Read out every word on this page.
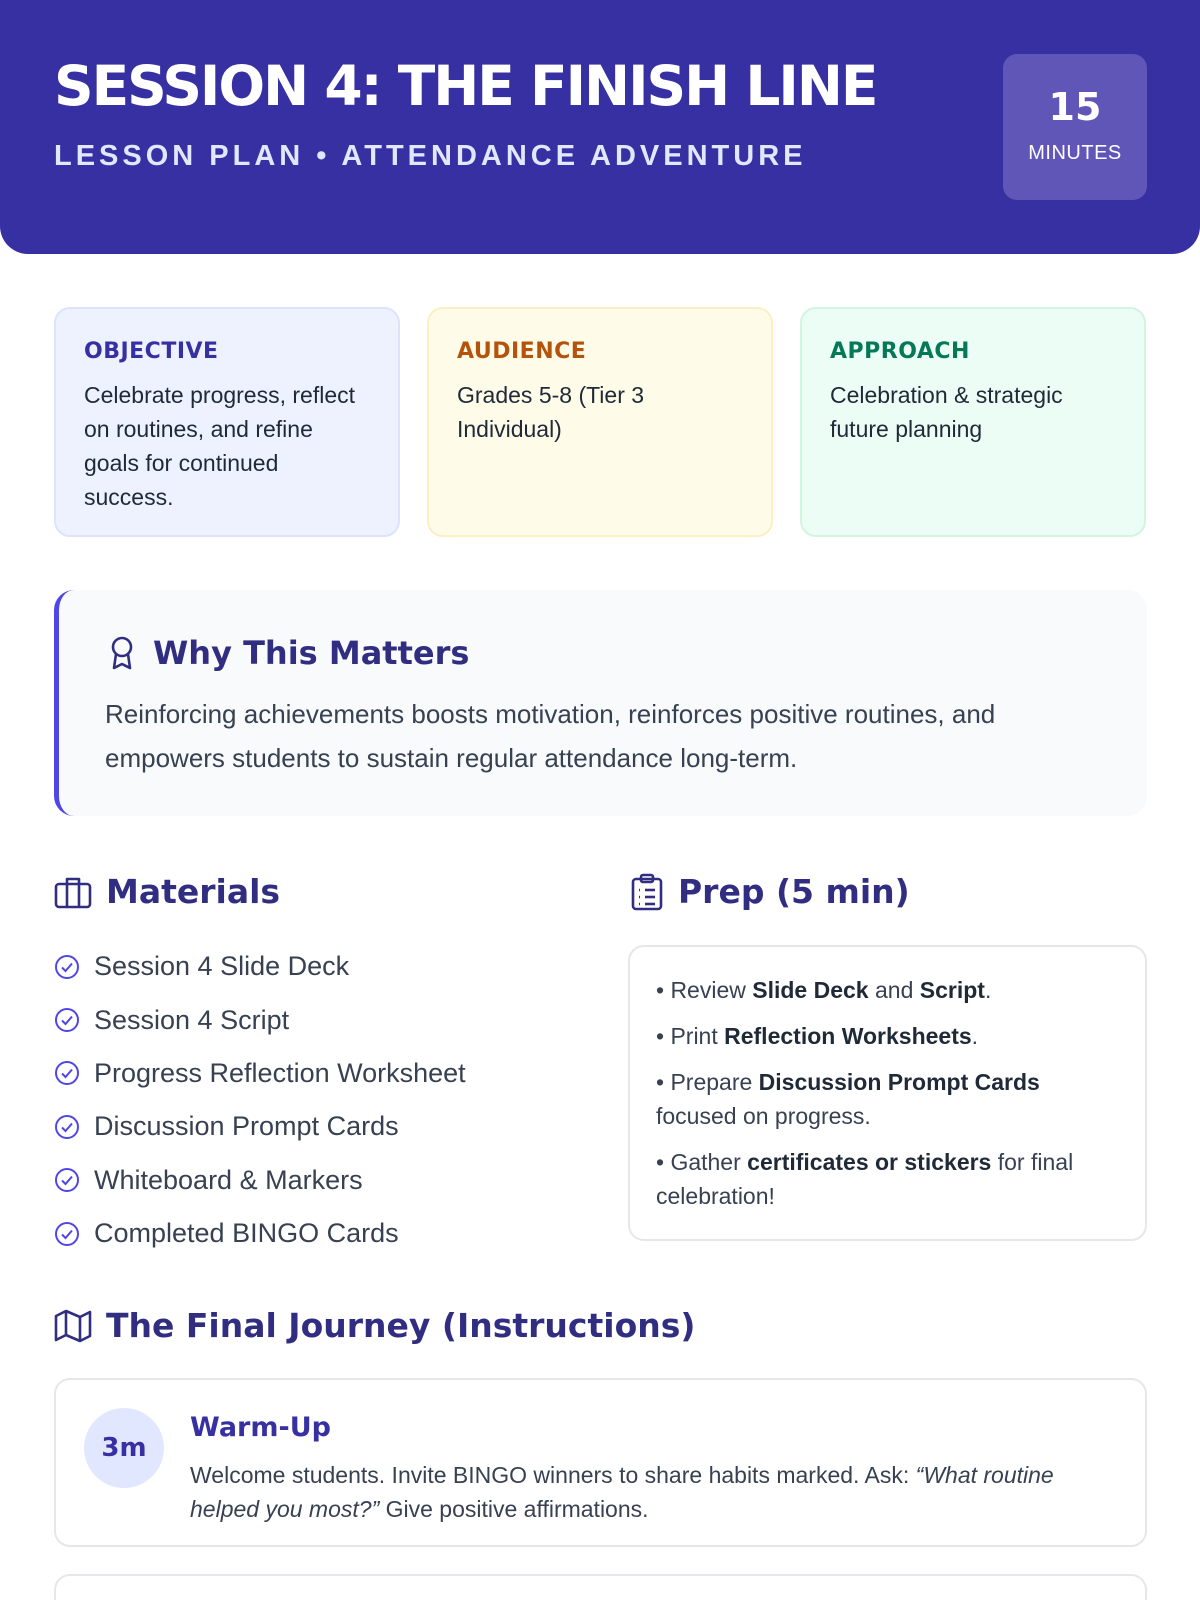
SESSION 4: THE FINISH LINE
LESSON PLAN • ATTENDANCE ADVENTURE
15
MINUTES
OBJECTIVE
Celebrate progress, reflect on routines, and refine goals for continued success.
AUDIENCE
Grades 5-8 (Tier 3 Individual)
APPROACH
Celebration & strategic future planning
Why This Matters
Reinforcing achievements boosts motivation, reinforces positive routines, and empowers students to sustain regular attendance long-term.
Materials
Session 4 Slide Deck
Session 4 Script
Progress Reflection Worksheet
Discussion Prompt Cards
Whiteboard & Markers
Completed BINGO Cards
Prep (5 min)
• Review Slide Deck and Script.
• Print Reflection Worksheets.
• Prepare Discussion Prompt Cards focused on progress.
• Gather certificates or stickers for final celebration!
The Final Journey (Instructions)
3m
Warm-Up
Welcome students. Invite BINGO winners to share habits marked. Ask: “What routine helped you most?” Give positive affirmations.
